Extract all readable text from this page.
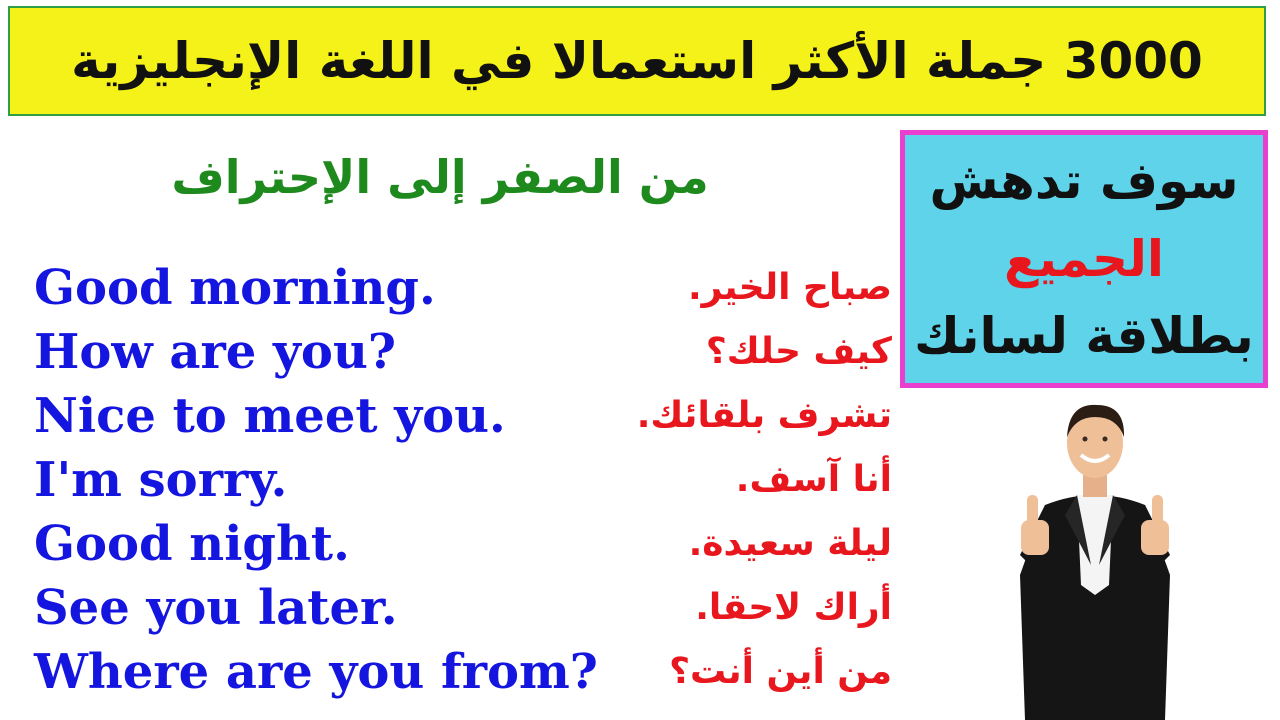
3000 جملة الأكثر استعمالا في اللغة الإنجليزية
من الصفر إلى الإحتراف	سوف تدهش
الجميع
بطلاقة لسانك
Good morning.	صباح الخير.
How are you?	كيف حلك؟
Nice to meet you.	تشرف بلقائك.
I'm sorry.	أنا آسف.
Good night.	ليلة سعيدة.
See you later.	أراك لاحقا.
Where are you from? من أين أنت؟
